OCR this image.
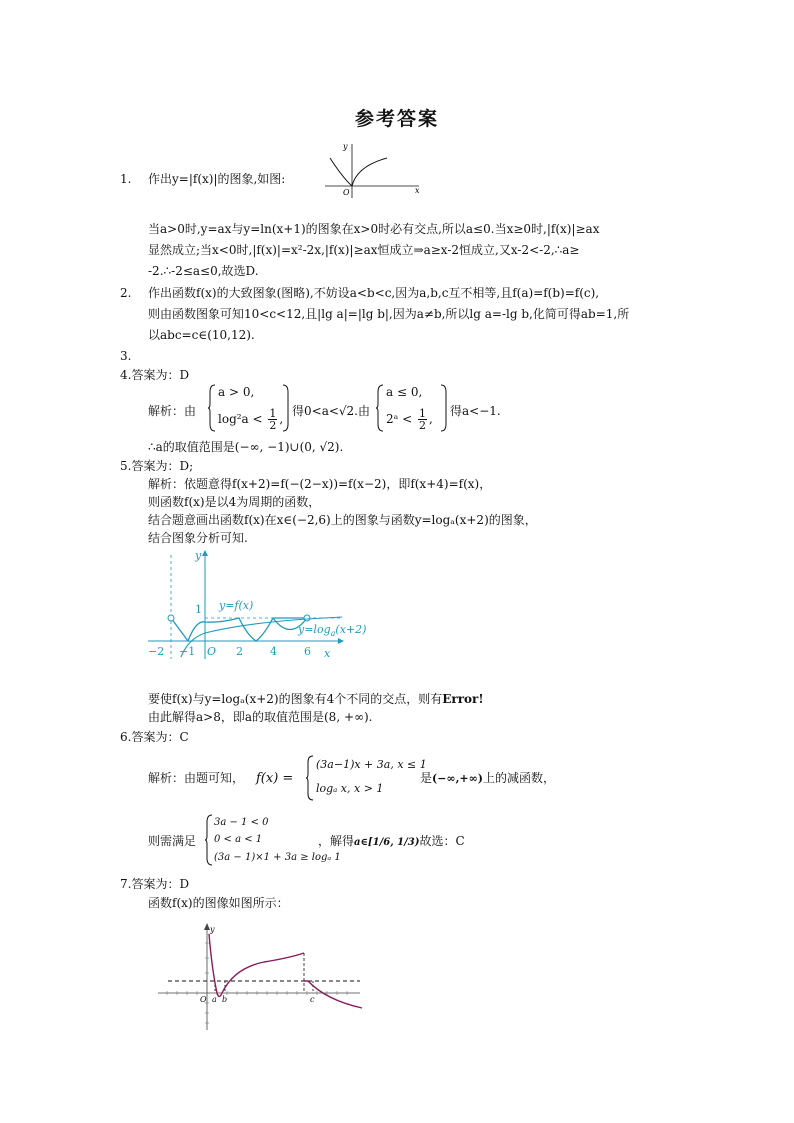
参考答案
1. 作出y=|f(x)|的图象,如图:
y
O	x
当a>0时,y=ax与y=ln(x+1)的图象在x>0时必有交点,所以a≤0.当x≥0时,|f(x)|≥ax
显然成立;当x<0时,|f(x)|=x²-2x,|f(x)|≥ax恒成立⇒a≥x-2恒成立,又x-2<-2,∴a≥
-2.∴-2≤a≤0,故选D.
2. 作出函数f(x)的大致图象(图略),不妨设a<b<c,因为a,b,c互不相等,且f(a)=f(b)=f(c),
则由函数图象可知10<c<12,且|lg a|=|lg b|,因为a≠b,所以lg a=-lg b,化简可得ab=1,所
以abc=c∈(10,12).
3.
4.答案为：D
解析：由
a > 0,
$\log^2a < \frac{1}{2}$ ,
得0<a<√2.由
a ≤ 0,
2ᵃ < $\frac{1}{2}$ ,
得a<−1.
∴a的取值范围是(−∞, −1)∪(0, √2).
5.答案为：D;
解析：依题意得f(x+2)=f(−(2−x))=f(x−2)，即f(x+4)=f(x)，
则函数f(x)是以4为周期的函数，
结合题意画出函数f(x)在x∈(−2,6)上的图象与函数y=logₐ(x+2)的图象，
结合图象分析可知.
y
x
y=f(x)
$y=\log_a(x+2)$
1
−2 −1 O 2 4 6
要使f(x)与y=logₐ(x+2)的图象有4个不同的交点，则有Error!
由此解得a>8，即a的取值范围是(8, +∞).
6.答案为：C
解析：由题可知， f(x) =
(3a−1)x + 3a, x ≤ 1
logₐ x, x > 1
是(−∞,+∞)上的减函数，
则需满足
3a − 1 < 0
0 < a < 1
(3a − 1)×1 + 3a ≥ logₐ 1
，解得a∈[1/6, 1/3)故选：C
7.答案为：D
函数f(x)的图像如图所示：
y
O a b	c
